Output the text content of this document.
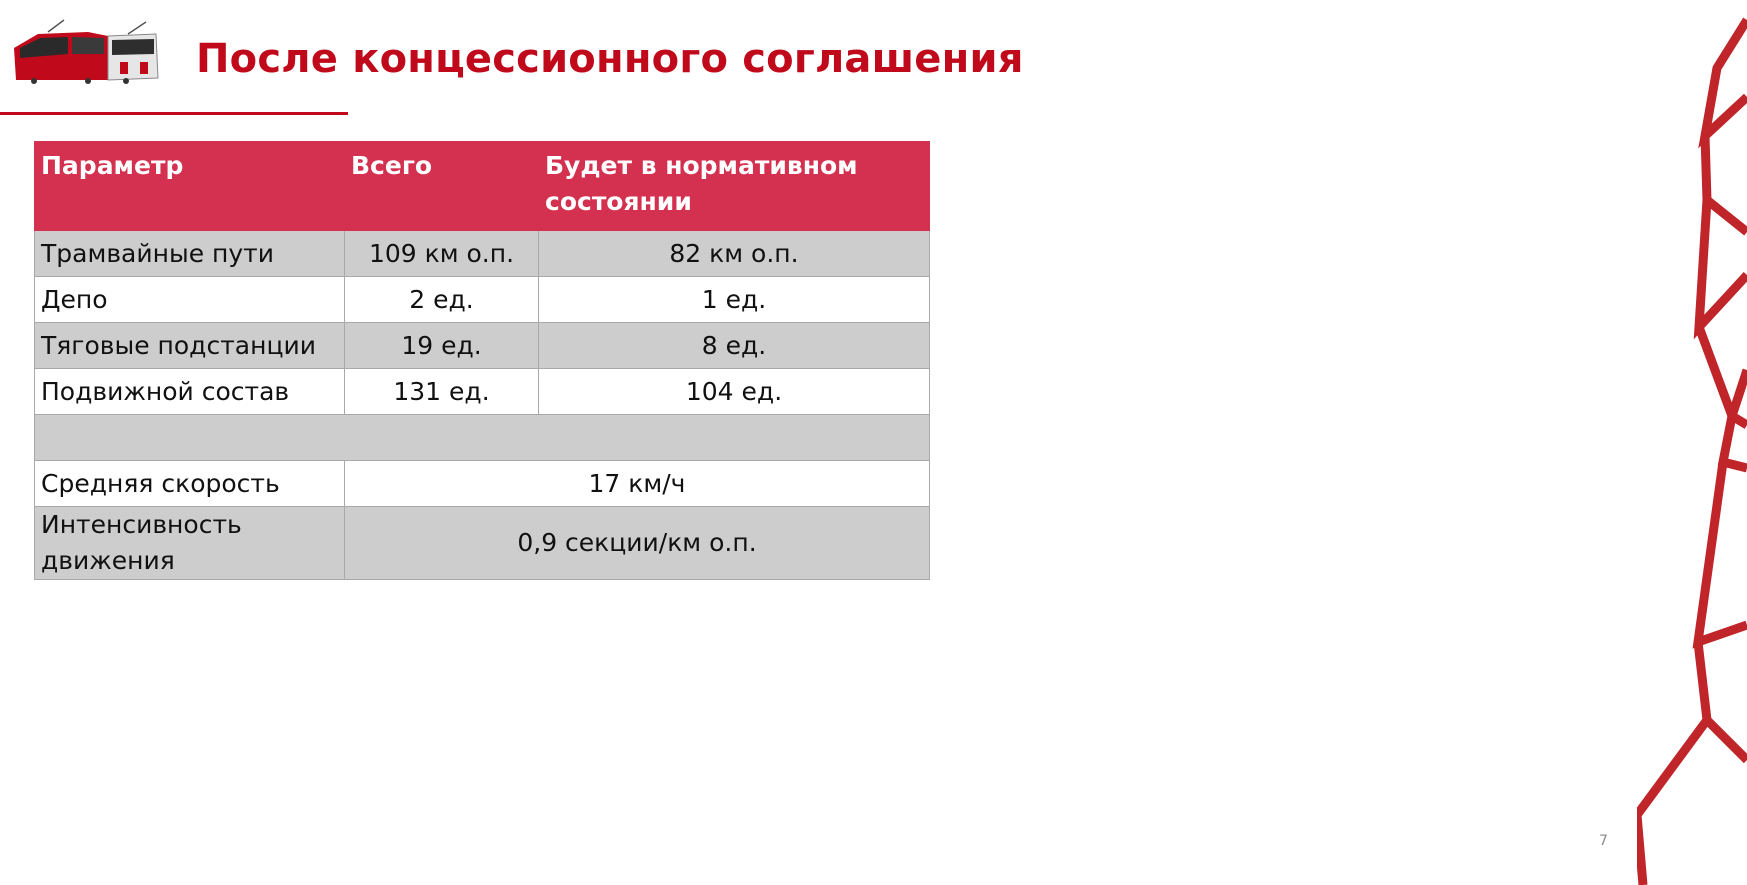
После концессионного соглашения
Параметр	Всего	Будет в нормативном состоянии
Трамвайные пути	109 км о.п.	82 км о.п.
Депо	2 ед.	1 ед.
Тяговые подстанции	19 ед.	8 ед.
Подвижной состав	131 ед.	104 ед.

Средняя скорость	17 км/ч	
Интенсивность движения	0,9 секции/км о.п.	
7
